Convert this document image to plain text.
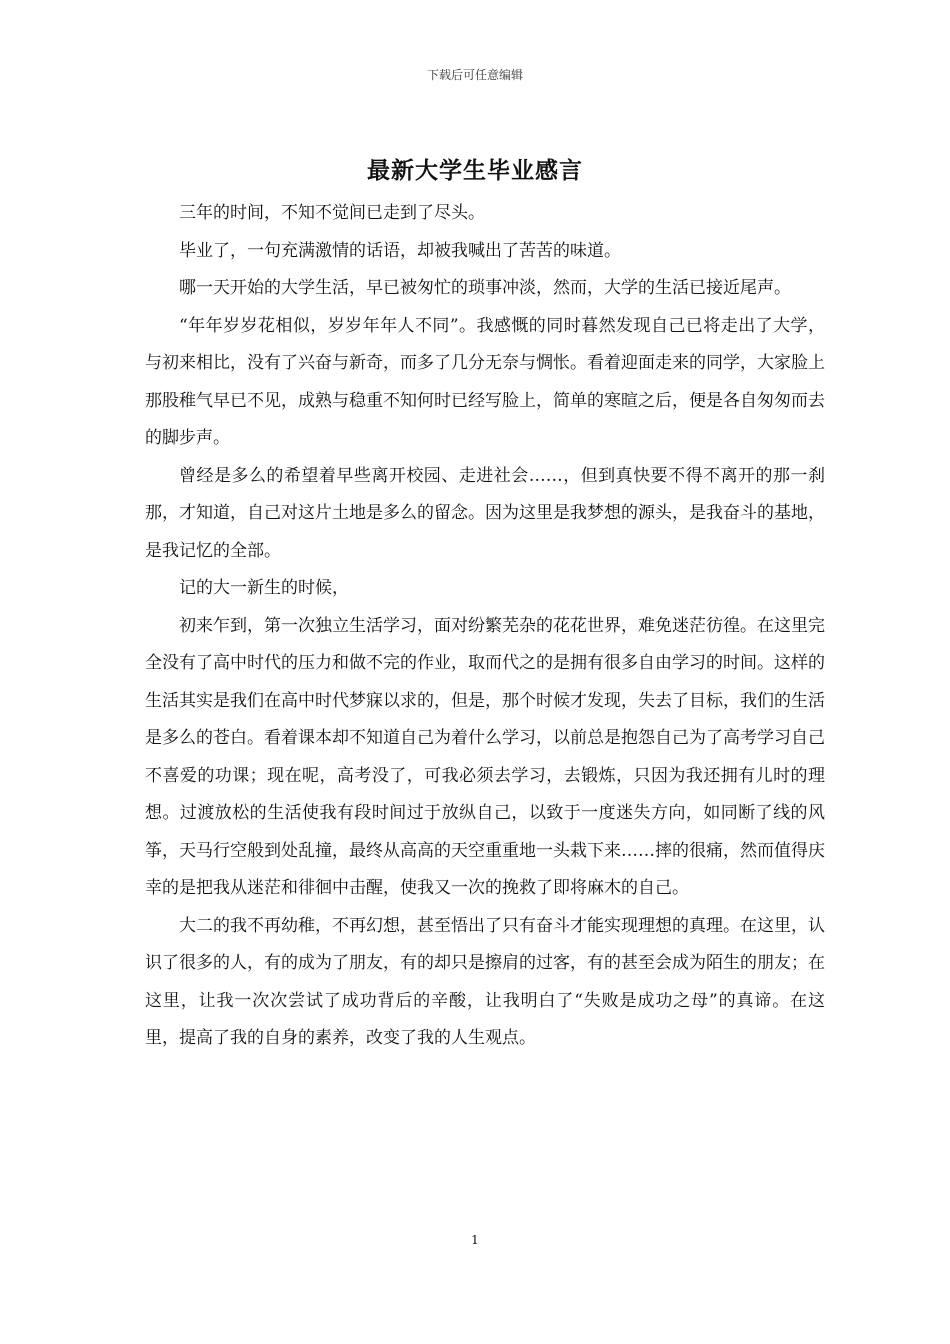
下载后可任意编辑
最新大学生毕业感言

三年的时间，不知不觉间已走到了尽头。

毕业了，一句充满激情的话语，却被我喊出了苦苦的味道。

哪一天开始的大学生活，早已被匆忙的琐事冲淡，然而，大学的生活已接近尾声。

“年年岁岁花相似，岁岁年年人不同”。我感慨的同时暮然发现自己已将走出了大学，与初来相比，没有了兴奋与新奇，而多了几分无奈与惆怅。看着迎面走来的同学，大家脸上那股稚气早已不见，成熟与稳重不知何时已经写脸上，简单的寒暄之后，便是各自匆匆而去的脚步声。

曾经是多么的希望着早些离开校园、走进社会……，但到真快要不得不离开的那一刹那，才知道，自己对这片土地是多么的留念。因为这里是我梦想的源头，是我奋斗的基地，是我记忆的全部。

记的大一新生的时候，

初来乍到，第一次独立生活学习，面对纷繁芜杂的花花世界，难免迷茫彷徨。在这里完全没有了高中时代的压力和做不完的作业，取而代之的是拥有很多自由学习的时间。这样的生活其实是我们在高中时代梦寐以求的，但是，那个时候才发现，失去了目标，我们的生活是多么的苍白。看着课本却不知道自己为着什么学习，以前总是抱怨自己为了高考学习自己不喜爱的功课；现在呢，高考没了，可我必须去学习，去锻炼，只因为我还拥有儿时的理想。过渡放松的生活使我有段时间过于放纵自己，以致于一度迷失方向，如同断了线的风筝，天马行空般到处乱撞，最终从高高的天空重重地一头栽下来……摔的很痛，然而值得庆幸的是把我从迷茫和徘徊中击醒，使我又一次的挽救了即将麻木的自己。

大二的我不再幼稚，不再幻想，甚至悟出了只有奋斗才能实现理想的真理。在这里，认识了很多的人，有的成为了朋友，有的却只是擦肩的过客，有的甚至会成为陌生的朋友；在这里，让我一次次尝试了成功背后的辛酸，让我明白了“失败是成功之母”的真谛。在这里，提高了我的自身的素养，改变了我的人生观点。

1
